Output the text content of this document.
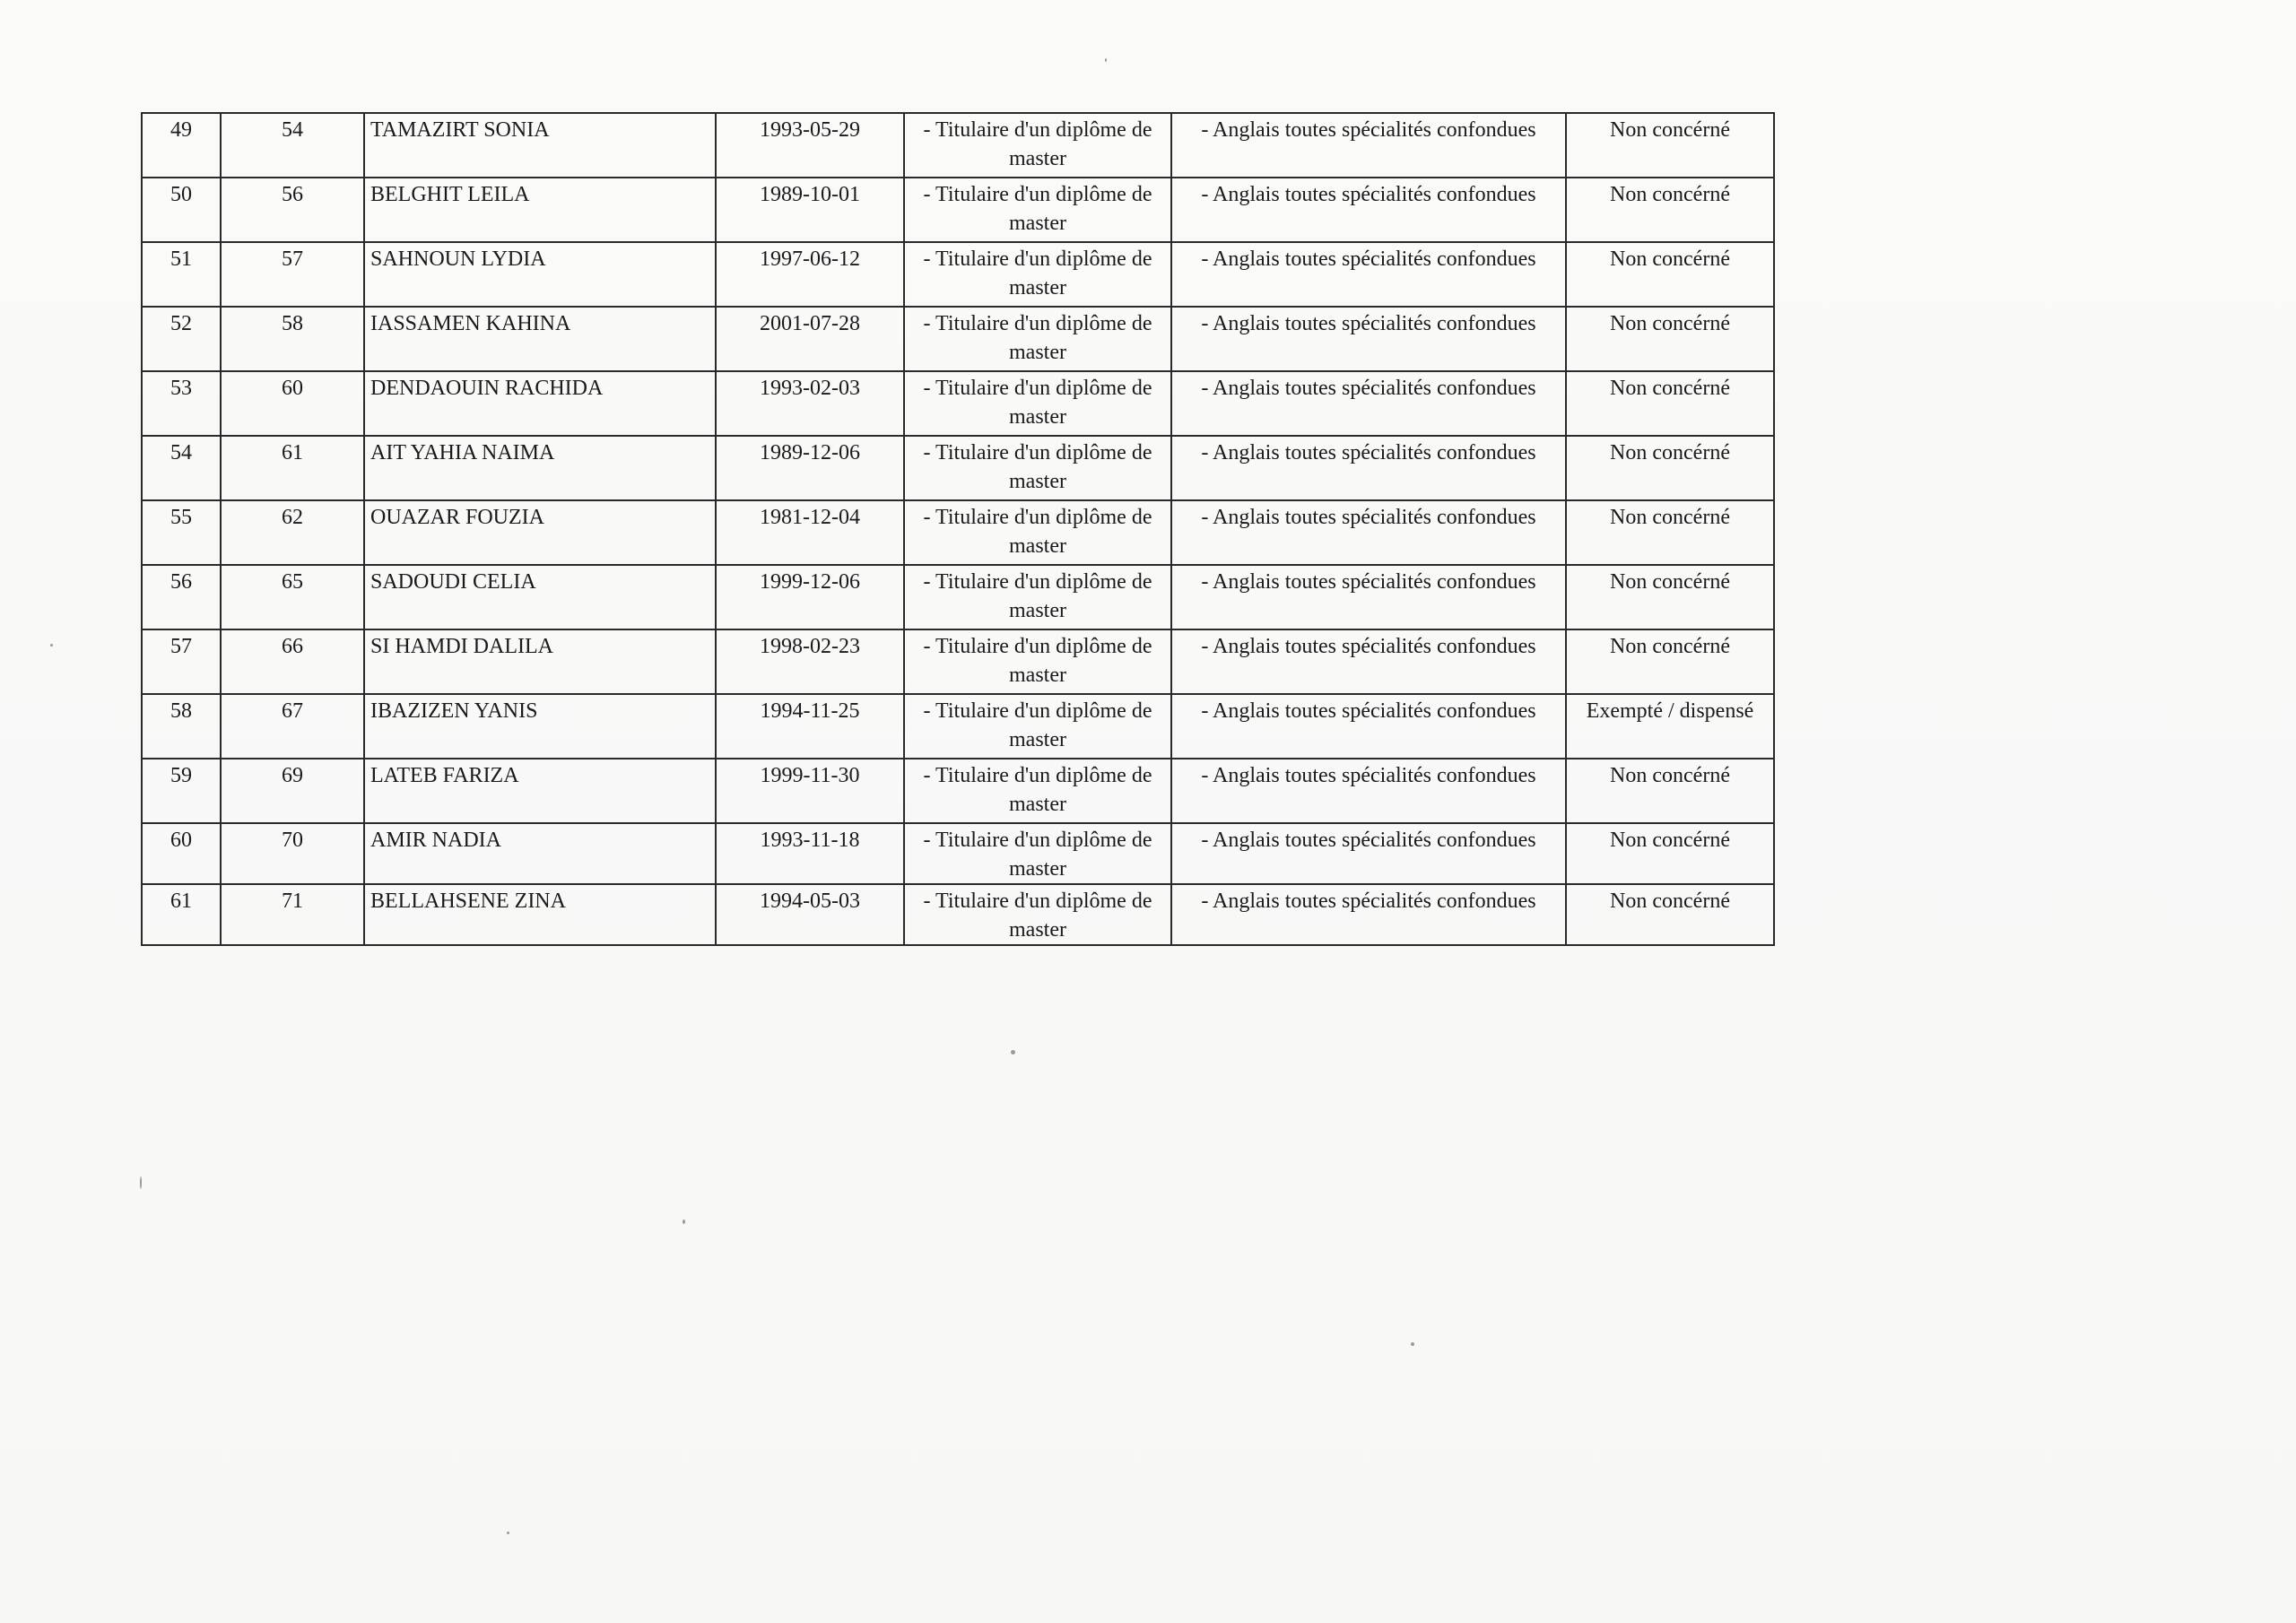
49	54	TAMAZIRT SONIA	1993-05-29	- Titulaire d'un diplôme de master	- Anglais toutes spécialités confondues	Non concérné
50	56	BELGHIT LEILA	1989-10-01	- Titulaire d'un diplôme de master	- Anglais toutes spécialités confondues	Non concérné
51	57	SAHNOUN LYDIA	1997-06-12	- Titulaire d'un diplôme de master	- Anglais toutes spécialités confondues	Non concérné
52	58	IASSAMEN KAHINA	2001-07-28	- Titulaire d'un diplôme de master	- Anglais toutes spécialités confondues	Non concérné
53	60	DENDAOUIN RACHIDA	1993-02-03	- Titulaire d'un diplôme de master	- Anglais toutes spécialités confondues	Non concérné
54	61	AIT YAHIA NAIMA	1989-12-06	- Titulaire d'un diplôme de master	- Anglais toutes spécialités confondues	Non concérné
55	62	OUAZAR FOUZIA	1981-12-04	- Titulaire d'un diplôme de master	- Anglais toutes spécialités confondues	Non concérné
56	65	SADOUDI CELIA	1999-12-06	- Titulaire d'un diplôme de master	- Anglais toutes spécialités confondues	Non concérné
57	66	SI HAMDI DALILA	1998-02-23	- Titulaire d'un diplôme de master	- Anglais toutes spécialités confondues	Non concérné
58	67	IBAZIZEN YANIS	1994-11-25	- Titulaire d'un diplôme de master	- Anglais toutes spécialités confondues	Exempté / dispensé
59	69	LATEB FARIZA	1999-11-30	- Titulaire d'un diplôme de master	- Anglais toutes spécialités confondues	Non concérné
60	70	AMIR NADIA	1993-11-18	- Titulaire d'un diplôme de master	- Anglais toutes spécialités confondues	Non concérné
61	71	BELLAHSENE ZINA	1994-05-03	- Titulaire d'un diplôme de master	- Anglais toutes spécialités confondues	Non concérné
